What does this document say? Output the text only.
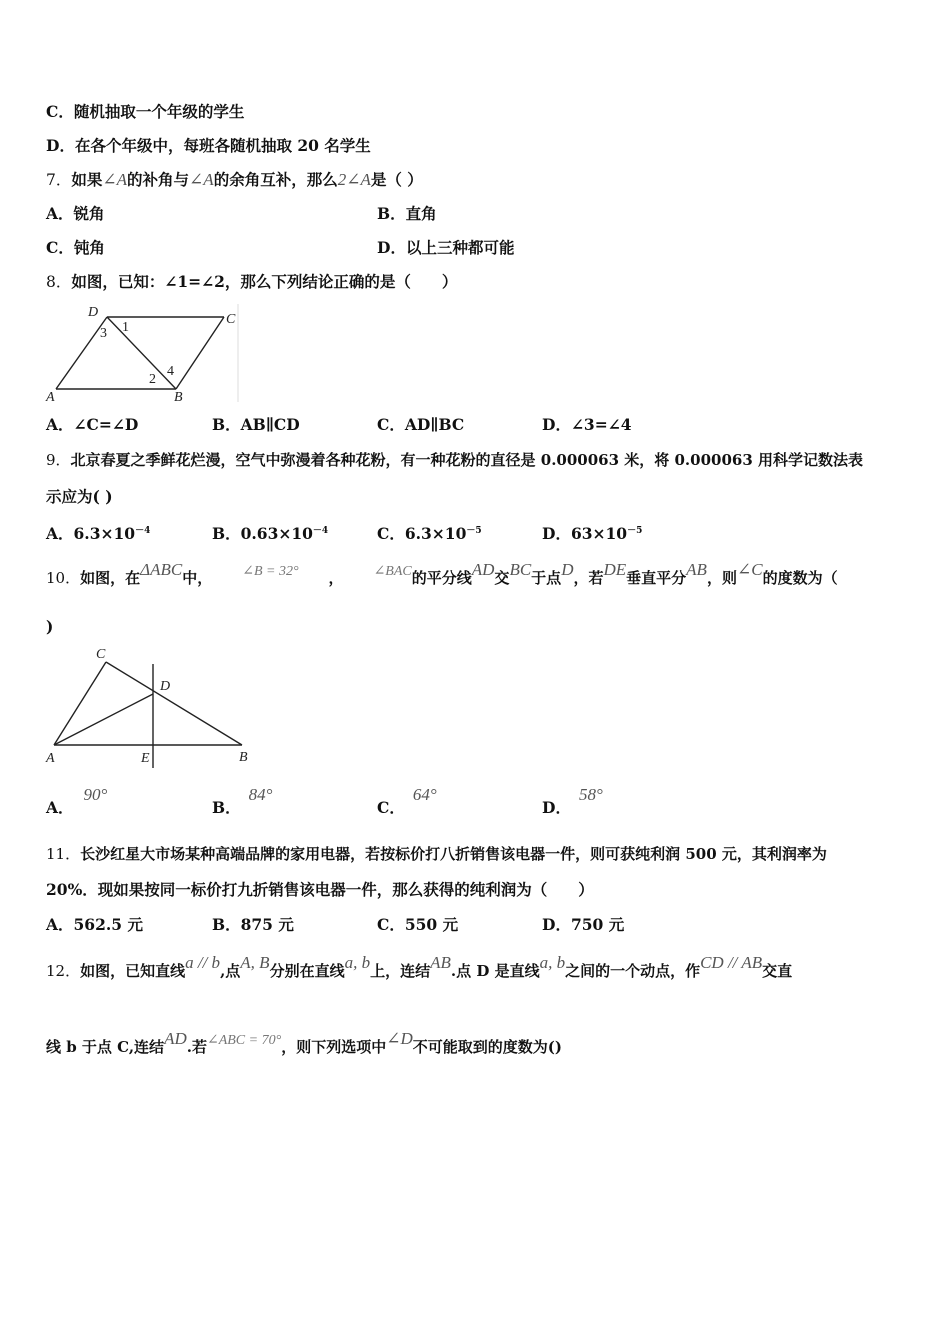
C．随机抽取一个年级的学生
D．在各个年级中，每班各随机抽取 20 名学生
7．如果∠A的补角与∠A的余角互补，那么2∠A是（ ）
A．锐角	B．直角
C．钝角	D．以上三种都可能
8．如图，已知：∠1=∠2，那么下列结论正确的是（　　）
A	B
C
D
1
3
2
4
A．∠C=∠D	B．AB∥CD	C．AD∥BC	D．∠3=∠4
9．北京春夏之季鲜花烂漫，空气中弥漫着各种花粉，有一种花粉的直径是 0.000063 米，将 0.000063 用科学记数法表
示应为( )
A．$6.3\times 10^{-4}$	B．$0.63\times 10^{-4}$	C．$6.3\times 10^{-5}$	D．$63\times 10^{-5}$
10．如图，在ΔABC中，   ∠B = 32°   ，   ∠BAC的平分线AD交BC于点D，若DE垂直平分AB，则∠C的度数为（
)
A	B
C
D
E
A．90°
B．84°
C．64°
D．58°
11．长沙红星大市场某种高端品牌的家用电器，若按标价打八折销售该电器一件，则可获纯利润 500 元，其利润率为
20%．现如果按同一标价打九折销售该电器一件，那么获得的纯利润为（　　）
A．562.5 元	B．875 元	C．550 元	D．750 元
12．如图，已知直线a // b,点A, B分别在直线a, b上，连结AB.点 D 是直线a, b之间的一个动点，作CD // AB交直
线 b 于点 C,连结AD.若∠ABC = 70°，则下列选项中∠D不可能取到的度数为()
